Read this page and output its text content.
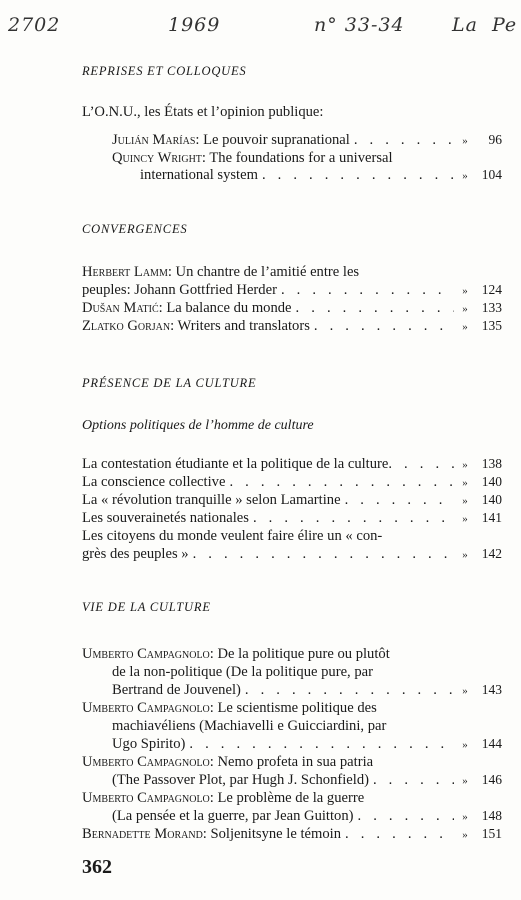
2702	1969	n° 33-34 La Pe
REPRISES ET COLLOQUES
L’O.N.U., les États et l’opinion publique:
Julián Marías: Le pouvoir supranational . . .	»	96
Quincy Wright: The foundations for a universal
international system . . .	»	104
CONVERGENCES
Herbert Lamm: Un chantre de l’amitié entre les
peuples: Johann Gottfried Herder . . .	»	124
Dušan Matić: La balance du monde . . .	»	133
Zlatko Gorjan: Writers and translators . . .	»	135
PRÉSENCE DE LA CULTURE
Options politiques de l’homme de culture
La contestation étudiante et la politique de la culture . . .	»	138
La conscience collective . . .	»	140
La « révolution tranquille » selon Lamartine . . .	»	140
Les souverainetés nationales . . .	»	141
Les citoyens du monde veulent faire élire un « con-
grès des peuples » . . .	»	142
VIE DE LA CULTURE
Umberto Campagnolo: De la politique pure ou plutôt
de la non-politique (De la politique pure, par
Bertrand de Jouvenel) . . .	»	143
Umberto Campagnolo: Le scientisme politique des
machiavéliens (Machiavelli e Guicciardini, par
Ugo Spirito) . . .	»	144
Umberto Campagnolo: Nemo profeta in sua patria
(The Passover Plot, par Hugh J. Schonfield) . . .	»	146
Umberto Campagnolo: Le problème de la guerre
(La pensée et la guerre, par Jean Guitton) . . .	»	148
Bernadette Morand: Soljenitsyne le témoin . . .	»	151
362
